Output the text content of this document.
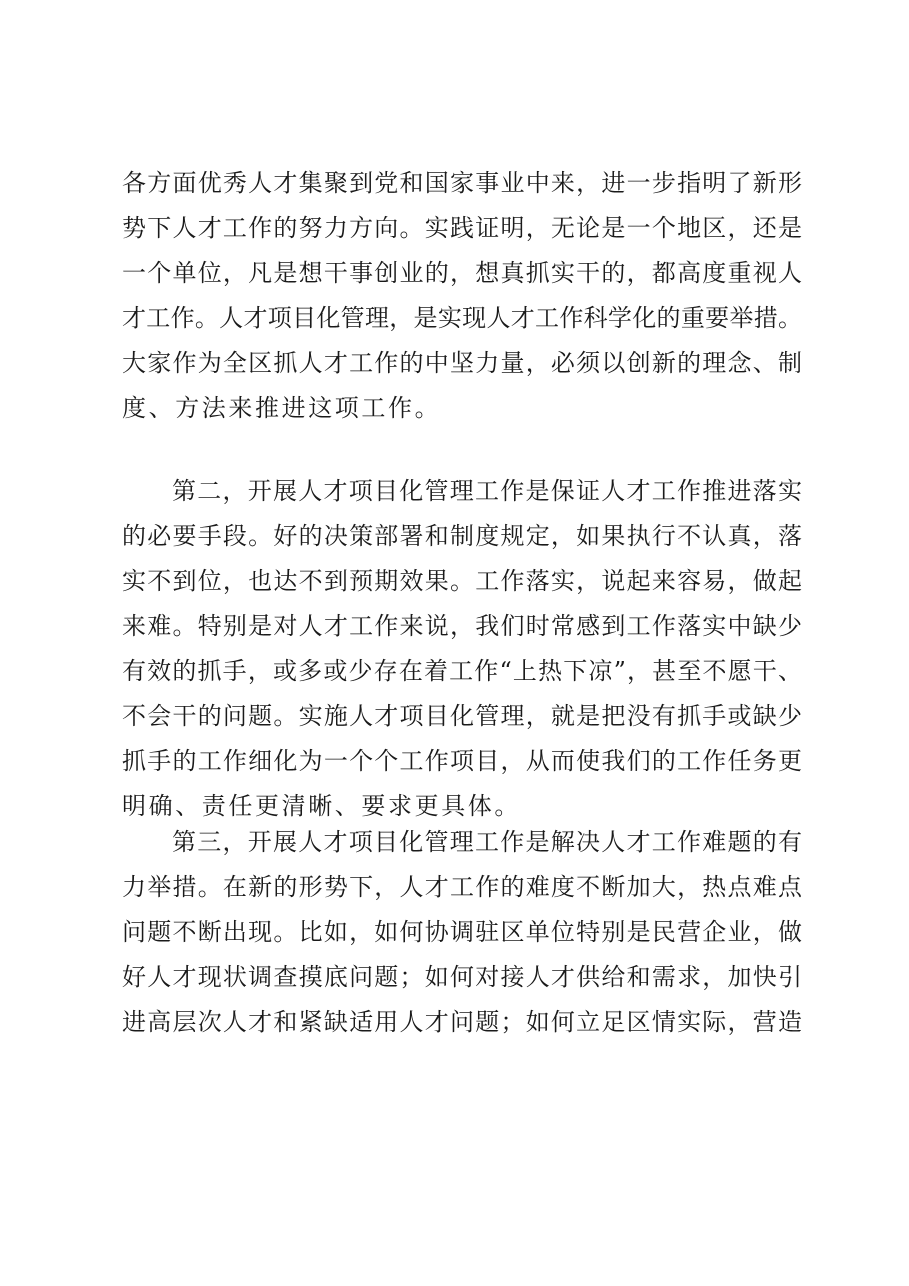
各方面优秀人才集聚到党和国家事业中来，进一步指明了新形
势下人才工作的努力方向。实践证明，无论是一个地区，还是
一个单位，凡是想干事创业的，想真抓实干的，都高度重视人
才工作。人才项目化管理，是实现人才工作科学化的重要举措。
大家作为全区抓人才工作的中坚力量，必须以创新的理念、制
度、方法来推进这项工作。

第二，开展人才项目化管理工作是保证人才工作推进落实
的必要手段。好的决策部署和制度规定，如果执行不认真，落
实不到位，也达不到预期效果。工作落实，说起来容易，做起
来难。特别是对人才工作来说，我们时常感到工作落实中缺少
有效的抓手，或多或少存在着工作“上热下凉”，甚至不愿干、
不会干的问题。实施人才项目化管理，就是把没有抓手或缺少
抓手的工作细化为一个个工作项目，从而使我们的工作任务更
明确、责任更清晰、要求更具体。

第三，开展人才项目化管理工作是解决人才工作难题的有
力举措。在新的形势下，人才工作的难度不断加大，热点难点
问题不断出现。比如，如何协调驻区单位特别是民营企业，做
好人才现状调查摸底问题；如何对接人才供给和需求，加快引
进高层次人才和紧缺适用人才问题；如何立足区情实际，营造
